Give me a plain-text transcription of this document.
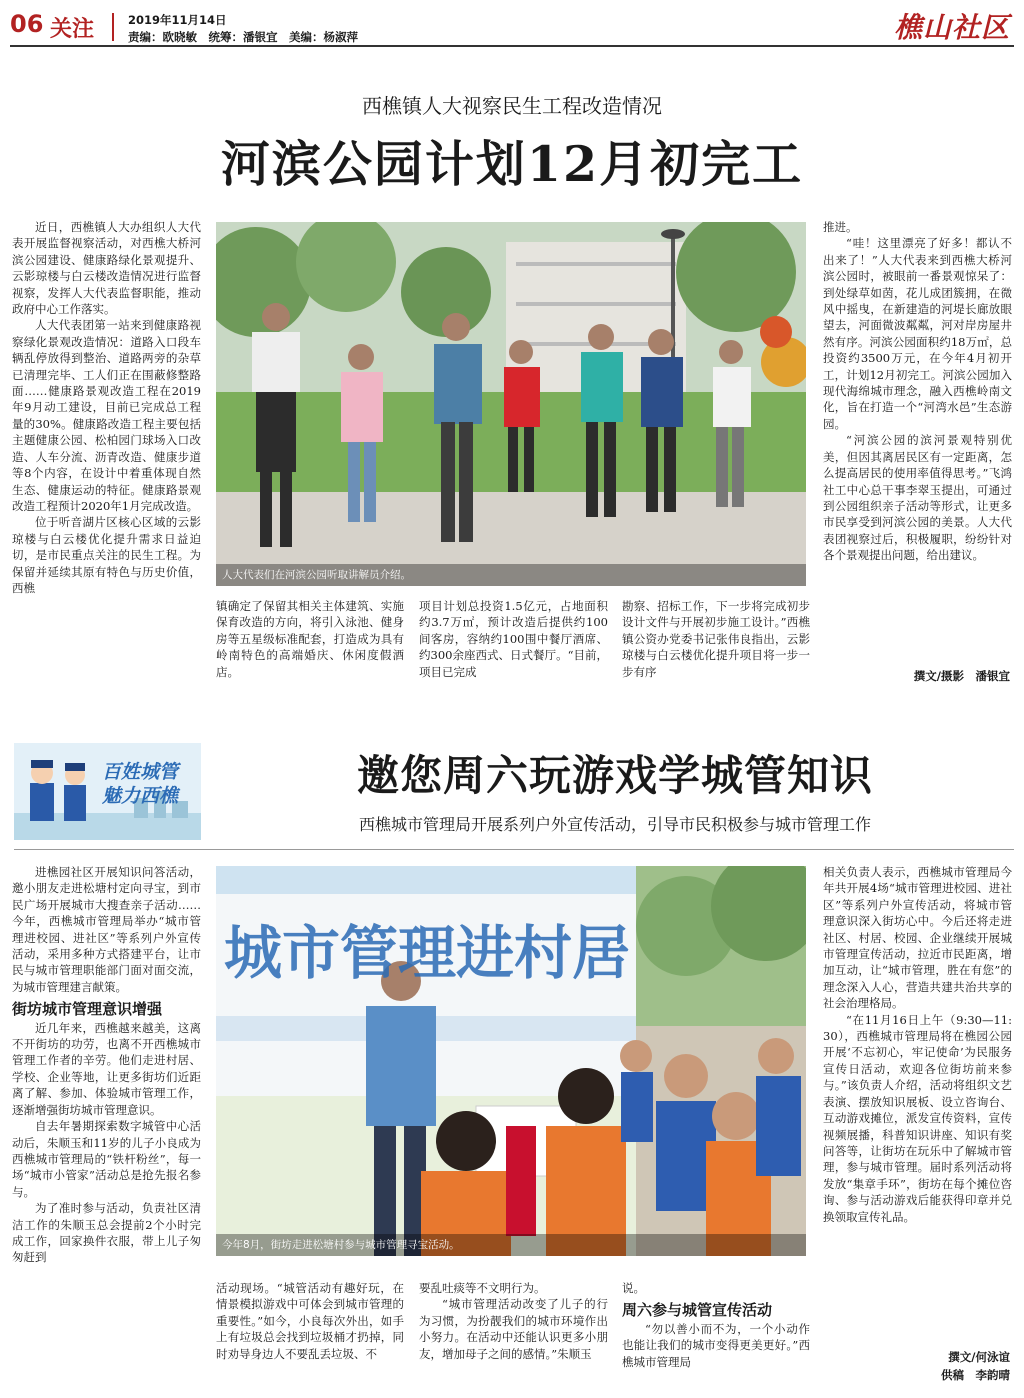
06 关注	2019年11月14日
责编：欧晓敏　统筹：潘银宜　美编：杨淑萍	樵山社区
西樵镇人大视察民生工程改造情况
河滨公园计划12月初完工

近日，西樵镇人大办组织人大代表开展监督视察活动，对西樵大桥河滨公园建设、健康路绿化景观提升、云影琼楼与白云楼改造情况进行监督视察，发挥人大代表监督职能，推动政府中心工作落实。

人大代表团第一站来到健康路视察绿化景观改造情况：道路入口段车辆乱停放得到整治、道路两旁的杂草已清理完毕、工人们正在围蔽修整路面……健康路景观改造工程在2019年9月动工建设，目前已完成总工程量的30%。健康路改造工程主要包括主题健康公园、松柏园门球场入口改造、人车分流、沥青改造、健康步道等8个内容，在设计中着重体现自然生态、健康运动的特征。健康路景观改造工程预计2020年1月完成改造。

位于听音湖片区核心区域的云影琼楼与白云楼优化提升需求日益迫切，是市民重点关注的民生工程。为保留并延续其原有特色与历史价值，西樵

人大代表们在河滨公园听取讲解员介绍。
镇确定了保留其相关主体建筑、实施保育改造的方向，将引入泳池、健身房等五星级标准配套，打造成为具有岭南特色的高端婚庆、休闲度假酒店。
项目计划总投资1.5亿元，占地面积约3.7万㎡，预计改造后提供约100间客房，容纳约100围中餐厅酒席、约300余座西式、日式餐厅。“目前，项目已完成
勘察、招标工作，下一步将完成初步设计文件与开展初步施工设计。”西樵镇公资办党委书记张伟良指出，云影琼楼与白云楼优化提升项目将一步一步有序

推进。

“哇！这里漂亮了好多！都认不出来了！”人大代表来到西樵大桥河滨公园时，被眼前一番景观惊呆了：到处绿草如茵，花儿成团簇拥，在微风中摇曳，在新建造的河堤长廊放眼望去，河面微波粼粼，河对岸房屋井然有序。河滨公园面积约18万㎡，总投资约3500万元，在今年4月初开工，计划12月初完工。河滨公园加入现代海绵城市理念，融入西樵岭南文化，旨在打造一个“河湾水邑”生态游园。

“河滨公园的滨河景观特别优美，但因其离居民区有一定距离，怎么提高居民的使用率值得思考。”飞鸿社工中心总干事李翠玉提出，可通过到公园组织亲子活动等形式，让更多市民享受到河滨公园的美景。人大代表团视察过后，积极履职，纷纷针对各个景观提出问题，给出建议。

撰文/摄影　潘银宜
百姓城管
魅力西樵	邀您周六玩游戏学城管知识
西樵城市管理局开展系列户外宣传活动，引导市民积极参与城市管理工作

进樵园社区开展知识问答活动，邀小朋友走进松塘村定向寻宝，到市民广场开展城市大搜查亲子活动……今年，西樵城市管理局举办“城市管理进校园、进社区”等系列户外宣传活动，采用多种方式搭建平台，让市民与城市管理职能部门面对面交流，为城市管理建言献策。

街坊城市管理意识增强

近几年来，西樵越来越美，这离不开街坊的功劳，也离不开西樵城市管理工作者的辛劳。他们走进村居、学校、企业等地，让更多街坊们近距离了解、参加、体验城市管理工作，逐渐增强街坊城市管理意识。

自去年暑期探索数字城管中心活动后，朱顺玉和11岁的儿子小良成为西樵城市管理局的“铁杆粉丝”，每一场“城市小管家”活动总是抢先报名参与。

为了准时参与活动，负责社区清洁工作的朱顺玉总会提前2个小时完成工作，回家换件衣服，带上儿子匆匆赶到

城市管理进村居
今年8月，街坊走进松塘村参与城市管理寻宝活动。
活动现场。“城管活动有趣好玩，在情景模拟游戏中可体会到城市管理的重要性。”如今，小良每次外出，如手上有垃圾总会找到垃圾桶才扔掉，同时劝导身边人不要乱丢垃圾、不

要乱吐痰等不文明行为。

“城市管理活动改变了儿子的行为习惯，为扮靓我们的城市环境作出小努力。在活动中还能认识更多小朋友，增加母子之间的感情。”朱顺玉

说。

周六参与城管宣传活动

“勿以善小而不为，一个小动作也能让我们的城市变得更美更好。”西樵城市管理局

相关负责人表示，西樵城市管理局今年共开展4场“城市管理进校园、进社区”等系列户外宣传活动，将城市管理意识深入街坊心中。今后还将走进社区、村居、校园、企业继续开展城市管理宣传活动，拉近市民距离，增加互动，让“城市管理，胜在有您”的理念深入人心，营造共建共治共享的社会治理格局。

“在11月16日上午（9:30—11:30），西樵城市管理局将在樵园公园开展‘不忘初心，牢记使命’为民服务宣传日活动，欢迎各位街坊前来参与。”该负责人介绍，活动将组织文艺表演、摆放知识展板、设立咨询台、互动游戏摊位，派发宣传资料，宣传视频展播，科普知识讲座、知识有奖问答等，让街坊在玩乐中了解城市管理，参与城市管理。届时系列活动将发放“集章手环”，街坊在每个摊位咨询、参与活动游戏后能获得印章并兑换领取宣传礼品。

撰文/何泳谊
供稿　李韵晴
